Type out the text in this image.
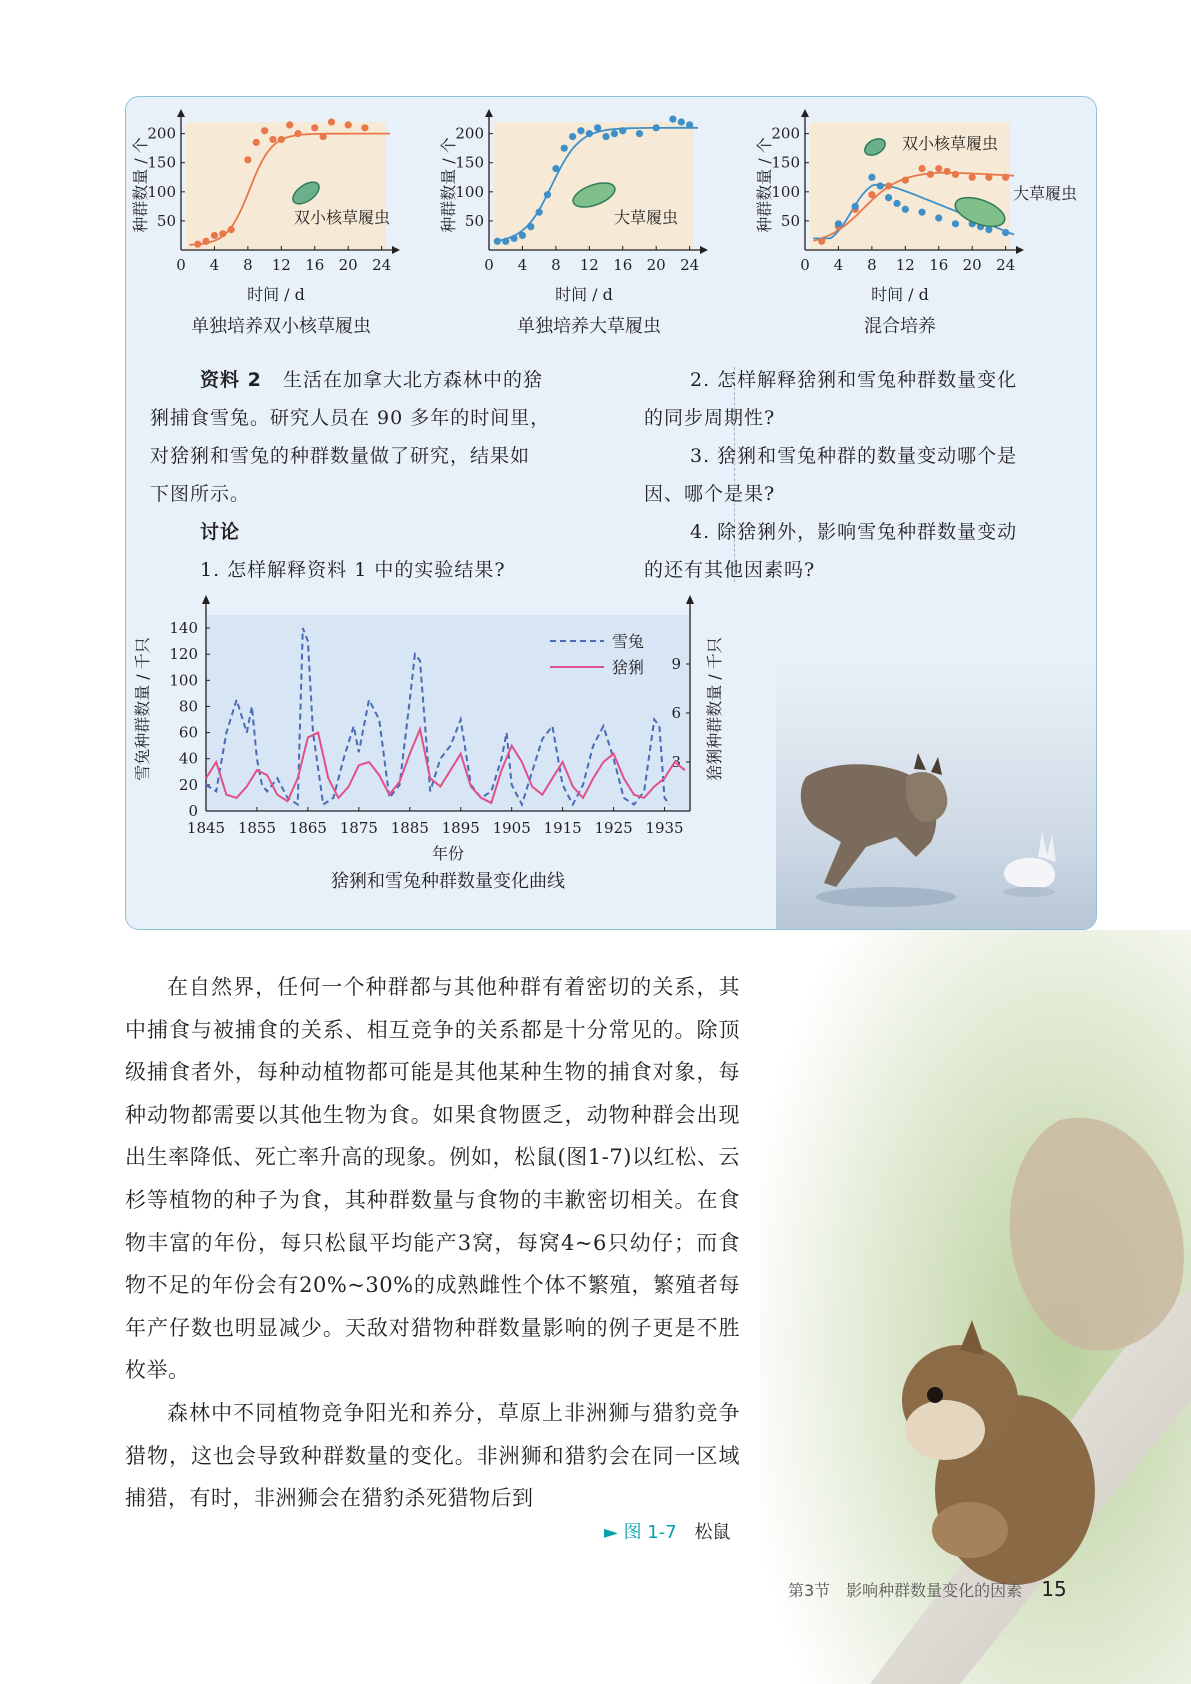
0 4 8 12 16 20 24
50
100
150
200
双小核草履虫
种群数量 / 个
时间 / d
单独培养双小核草履虫
0 4 8 12 16 20 24
50
100
150
200
大草履虫
种群数量 / 个
时间 / d
单独培养大草履虫
0 4 8 12 16 20 24
50
100
150
200
双小核草履虫
大草履虫
种群数量 / 个
时间 / d
混合培养
资料 2 生活在加拿大北方森林中的猞
猁捕食雪兔。研究人员在 90 多年的时间里，
对猞猁和雪兔的种群数量做了研究，结果如
下图所示。
讨论
1. 怎样解释资料 1 中的实验结果?
2. 怎样解释猞猁和雪兔种群数量变化
的同步周期性?
3. 猞猁和雪兔种群的数量变动哪个是
因、哪个是果?
4. 除猞猁外，影响雪兔种群数量变动
的还有其他因素吗?
1845 1855 1865 1875 1885 1895 1905 1915 1925 1935
0
20
40
60
80
100
120
140
3
6
9
雪兔
猞猁
雪兔种群数量 / 千只	猞猁种群数量 / 千只
年份
猞猁和雪兔种群数量变化曲线

在自然界，任何一个种群都与其他种群有着密切的关系，其中捕食与被捕食的关系、相互竞争的关系都是十分常见的。除顶级捕食者外，每种动植物都可能是其他某种生物的捕食对象，每种动物都需要以其他生物为食。如果食物匮乏，动物种群会出现出生率降低、死亡率升高的现象。例如，松鼠(图1-7)以红松、云杉等植物的种子为食，其种群数量与食物的丰歉密切相关。在食物丰富的年份，每只松鼠平均能产3窝，每窝4~6只幼仔；而食物不足的年份会有20%~30%的成熟雌性个体不繁殖，繁殖者每年产仔数也明显减少。天敌对猎物种群数量影响的例子更是不胜枚举。

森林中不同植物竞争阳光和养分，草原上非洲狮与猎豹竞争猎物，这也会导致种群数量的变化。非洲狮和猎豹会在同一区域捕猎，有时，非洲狮会在猎豹杀死猎物后到

► 图 1-7 松鼠
第3节　影响种群数量变化的因素 15
